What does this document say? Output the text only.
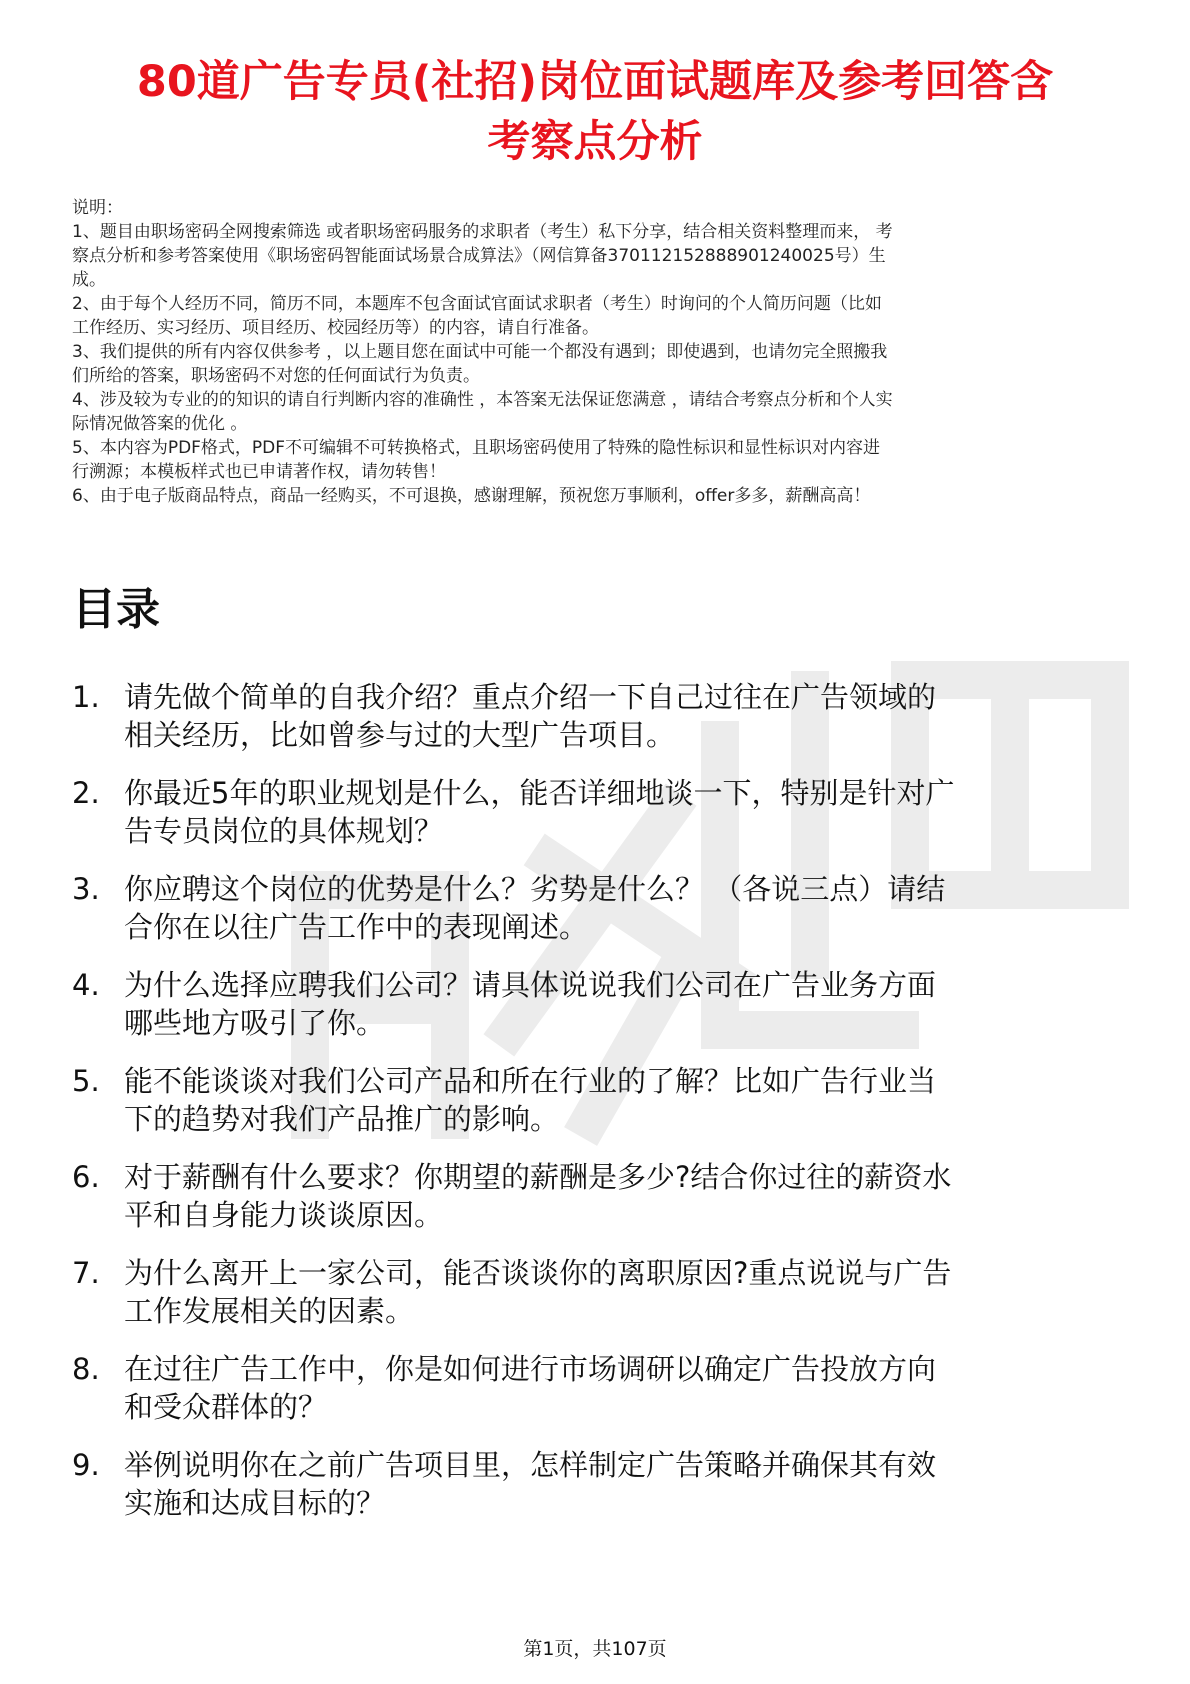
80道广告专员(社招)岗位面试题库及参考回答含
考察点分析

说明：

1、题目由职场密码全网搜索筛选 或者职场密码服务的求职者（考生）私下分享，结合相关资料整理而来， 考

察点分析和参考答案使用《职场密码智能面试场景合成算法》（网信算备370112152888901240025号）生

成。

2、由于每个人经历不同，简历不同，本题库不包含面试官面试求职者（考生）时询问的个人简历问题（比如

工作经历、实习经历、项目经历、校园经历等）的内容，请自行准备。

3、我们提供的所有内容仅供参考 ，以上题目您在面试中可能一个都没有遇到；即使遇到，也请勿完全照搬我

们所给的答案，职场密码不对您的任何面试行为负责。

4、涉及较为专业的的知识的请自行判断内容的准确性 ，本答案无法保证您满意 ，请结合考察点分析和个人实

际情况做答案的优化 。

5、本内容为PDF格式，PDF不可编辑不可转换格式，且职场密码使用了特殊的隐性标识和显性标识对内容进

行溯源；本模板样式也已申请著作权，请勿转售！

6、由于电子版商品特点，商品一经购买，不可退换，感谢理解，预祝您万事顺利，offer多多，薪酬高高！

目录
1. 请先做个简单的自我介绍？重点介绍一下自己过往在广告领域的
相关经历，比如曾参与过的大型广告项目。
2. 你最近5年的职业规划是什么，能否详细地谈一下，特别是针对广
告专员岗位的具体规划？
3. 你应聘这个岗位的优势是什么？劣势是什么？ （各说三点）请结
合你在以往广告工作中的表现阐述。
4. 为什么选择应聘我们公司？请具体说说我们公司在广告业务方面
哪些地方吸引了你。
5. 能不能谈谈对我们公司产品和所在行业的了解？比如广告行业当
下的趋势对我们产品推广的影响。
6. 对于薪酬有什么要求？你期望的薪酬是多少?结合你过往的薪资水
平和自身能力谈谈原因。
7. 为什么离开上一家公司，能否谈谈你的离职原因?重点说说与广告
工作发展相关的因素。
8. 在过往广告工作中，你是如何进行市场调研以确定广告投放方向
和受众群体的？
9. 举例说明你在之前广告项目里，怎样制定广告策略并确保其有效
实施和达成目标的？
第1页，共107页
